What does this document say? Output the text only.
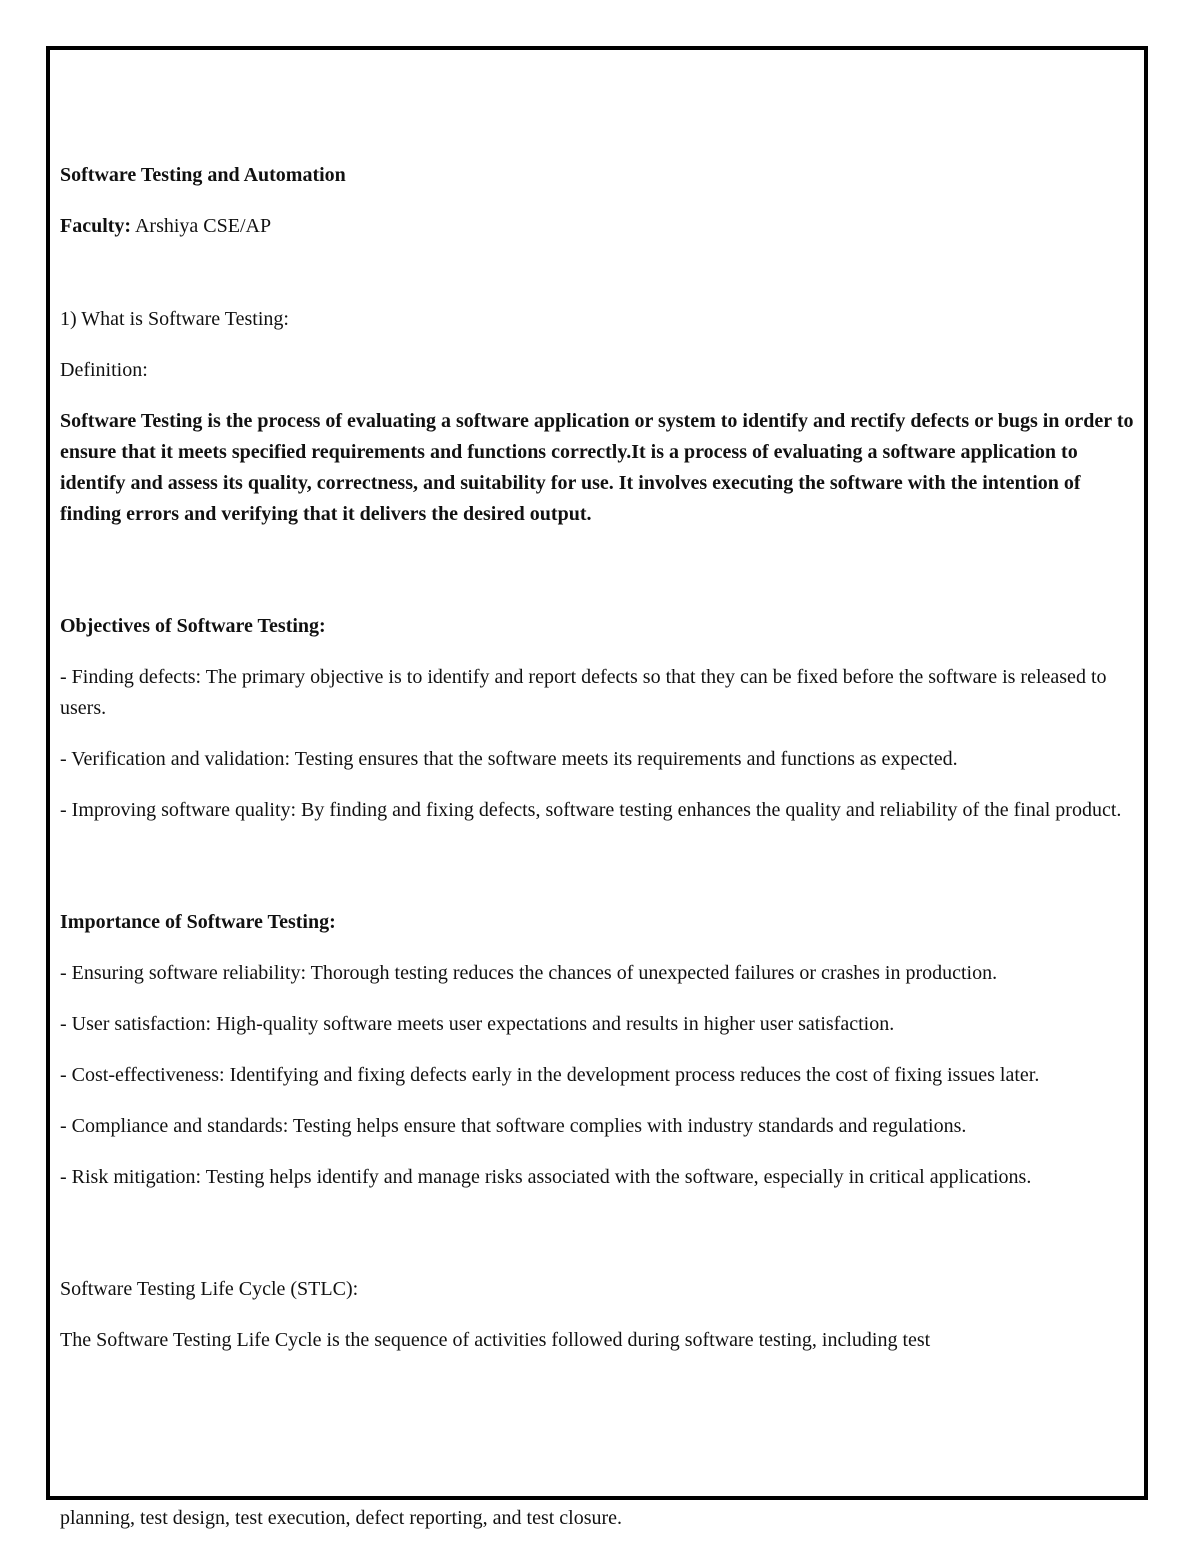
Software Testing and Automation

Faculty: Arshiya CSE/AP

1) What is Software Testing:

Definition:

Software Testing is the process of evaluating a software application or system to identify and rectify defects or bugs in order to ensure that it meets specified requirements and functions correctly.It is a process of evaluating a software application to identify and assess its quality, correctness, and suitability for use. It involves executing the software with the intention of finding errors and verifying that it delivers the desired output.

Objectives of Software Testing:

- Finding defects: The primary objective is to identify and report defects so that they can be fixed before the software is released to users.

- Verification and validation: Testing ensures that the software meets its requirements and functions as expected.

- Improving software quality: By finding and fixing defects, software testing enhances the quality and reliability of the final product.

Importance of Software Testing:

- Ensuring software reliability: Thorough testing reduces the chances of unexpected failures or crashes in production.

- User satisfaction: High-quality software meets user expectations and results in higher user satisfaction.

- Cost-effectiveness: Identifying and fixing defects early in the development process reduces the cost of fixing issues later.

- Compliance and standards: Testing helps ensure that software complies with industry standards and regulations.

- Risk mitigation: Testing helps identify and manage risks associated with the software, especially in critical applications.

Software Testing Life Cycle (STLC):

The Software Testing Life Cycle is the sequence of activities followed during software testing, including test

planning, test design, test execution, defect reporting, and test closure.
